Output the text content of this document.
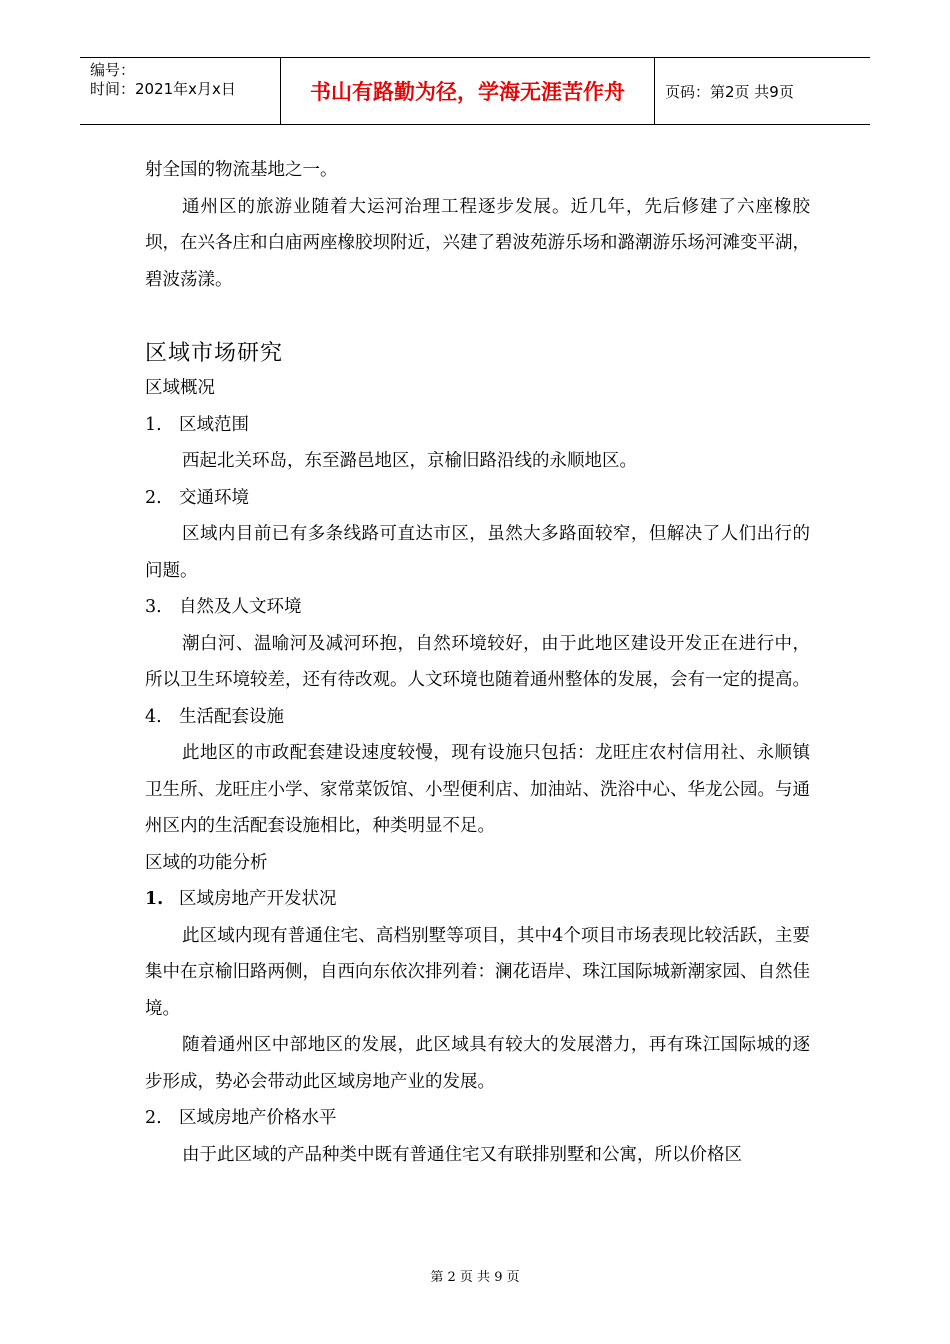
编号：
时间：2021年x月x日	书山有路勤为径，学海无涯苦作舟	页码：第2页 共9页

射全国的物流基地之一。

通州区的旅游业随着大运河治理工程逐步发展。近几年，先后修建了六座橡胶坝，在兴各庄和白庙两座橡胶坝附近，兴建了碧波苑游乐场和潞潮游乐场河滩变平湖，碧波荡漾。

区域市场研究

区域概况

1. 区域范围

西起北关环岛，东至潞邑地区，京榆旧路沿线的永顺地区。

2. 交通环境

区域内目前已有多条线路可直达市区，虽然大多路面较窄，但解决了人们出行的问题。

3. 自然及人文环境

潮白河、温喻河及减河环抱，自然环境较好，由于此地区建设开发正在进行中，所以卫生环境较差，还有待改观。人文环境也随着通州整体的发展，会有一定的提高。

4. 生活配套设施

此地区的市政配套建设速度较慢，现有设施只包括：龙旺庄农村信用社、永顺镇卫生所、龙旺庄小学、家常菜饭馆、小型便利店、加油站、洗浴中心、华龙公园。与通州区内的生活配套设施相比，种类明显不足。

区域的功能分析

1. 区域房地产开发状况

此区域内现有普通住宅、高档别墅等项目，其中4个项目市场表现比较活跃，主要集中在京榆旧路两侧，自西向东依次排列着：澜花语岸、珠江国际城新潮家园、自然佳境。

随着通州区中部地区的发展，此区域具有较大的发展潜力，再有珠江国际城的逐步形成，势必会带动此区域房地产业的发展。

2. 区域房地产价格水平

由于此区域的产品种类中既有普通住宅又有联排别墅和公寓，所以价格区

第 2 页 共 9 页
